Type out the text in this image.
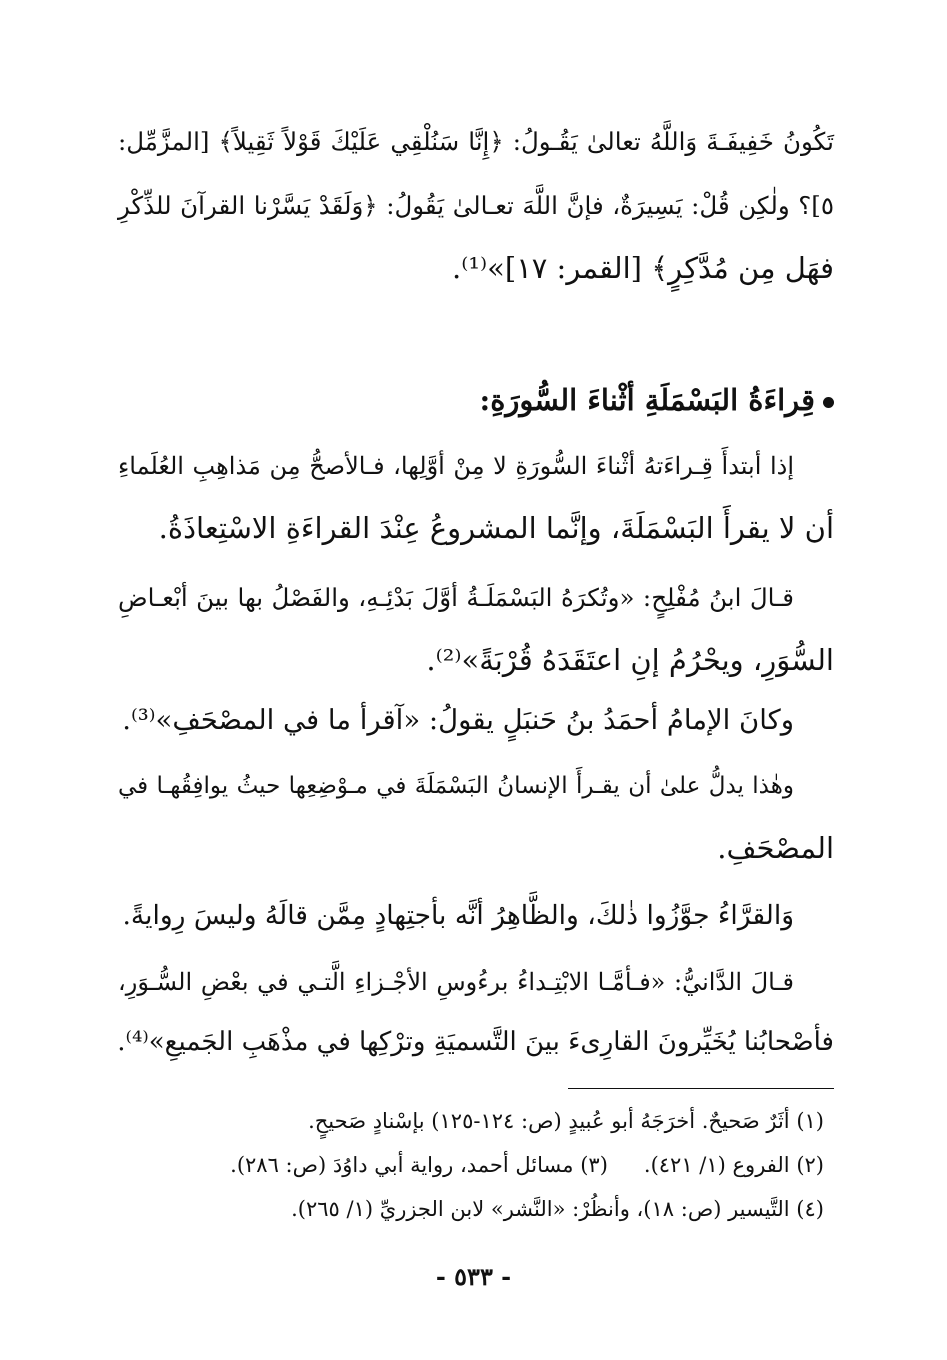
تَكُونُ خَفِيفَـةَ وَاللَّهُ تعالىٰ يَقُـولُ: ﴿إِنَّا سَنُلْقِي عَلَيْكَ قَوْلاً ثَقِيلاً﴾ [المزَّمِّل:
٥]؟ ولٰكِن قُلْ: يَسِيرَةٌ، فإنَّ اللَّهَ تعـالىٰ يَقُولُ: ﴿وَلَقَدْ يَسَّرْنا القرآنَ للذِّكْرِ
فهَل مِن مُدَّكِرٍ﴾ [القمر: ١٧]»⁽¹⁾.
قِراءَةُ البَسْمَلَةِ أثْناءَ السُّورَةِ:
إذا أبتدأَ قِـراءَتهُ أثْناءَ السُّورَةِ لا مِنْ أوَّلِها، فـالأصحُّ مِن مَذاهِبِ العُلَماءِ
أن لا يقرأَ البَسْمَلَةَ، وإنَّما المشروعُ عِنْدَ القراءَةِ الاسْتِعاذَةُ.
قـالَ ابنُ مُفْلِحٍ: «وتُكرَهُ البَسْمَلَـةُ أوَّلَ بَدْئِـهِ، والفَصْلُ بها بينَ أبْعـاضِ
السُّوَرِ، ويحْرُمُ إنِ اعتَقَدَهُ قُرْبَةً»⁽²⁾.
وكانَ الإمامُ أحمَدُ بنُ حَنبَلٍ يقولُ: «آقرأ ما في المصْحَفِ»⁽³⁾.
وهٰذا يدلُّ علىٰ أن يقـرأَ الإنسانُ البَسْمَلَةَ في مـوْضِعِها حيثُ يوافِقُهـا في
المصْحَفِ.
وَالقرَّاءُ جوَّزُوا ذٰلكَ، والظَّاهِرُ أنَّه بأجتِهادٍ مِمَّن قالَهُ وليسَ رِوايةً.
قـالَ الدَّانيُّ: «فـأمَّـا الابْتِـداءُ برءُوسِ الأجْـزاءِ الَّتـي في بعْضِ السُّـوَرِ،
فأصْحابُنا يُخَيِّرونَ القارِىءَ بينَ التَّسميَةِ وترْكِها في مذْهَبِ الجَميعِ»⁽⁴⁾.
(١) أثَرٌ صَحيحٌ. أخرَجَهُ أبو عُبيدٍ (ص: ١٢٤-١٢٥) بإسْنادٍ صَحيحٍ.
(٢) الفروع (١/ ٤٢١).(٣) مسائل أحمد، رواية أبي داوُدَ (ص: ٢٨٦).
(٤) التَّيسير (ص: ١٨)، وأنظُرْ: «النَّشر» لابن الجزريِّ (١/ ٢٦٥).
- ٥٣٣ -
